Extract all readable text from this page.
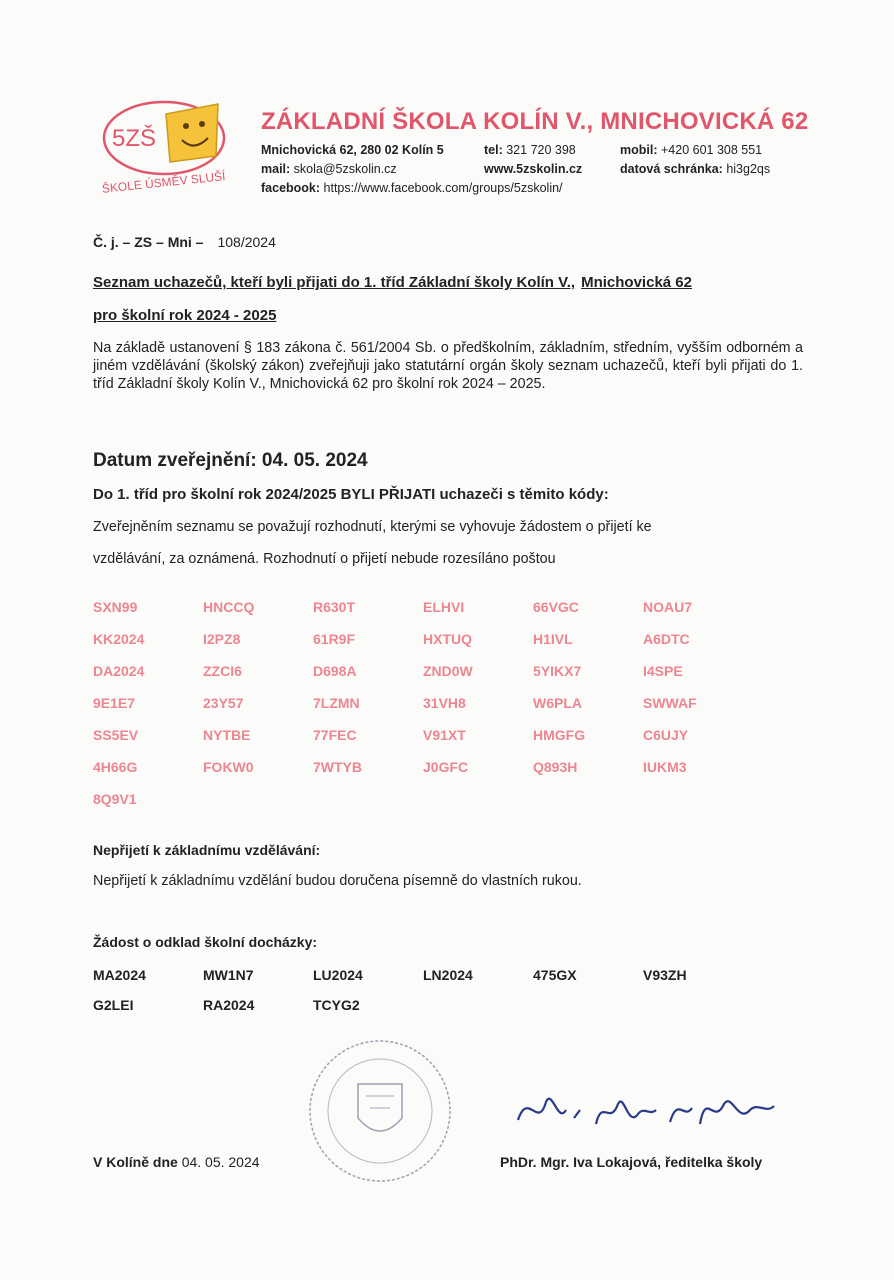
5ZŠ
ŠKOLE ÚSMĚV SLUŠÍ
ZÁKLADNÍ ŠKOLA KOLÍN V., MNICHOVICKÁ 62
Mnichovická 62, 280 02 Kolín 5	tel: 321 720 398	mobil: +420 601 308 551
mail: skola@5zskolin.cz	www.5zskolin.cz	datová schránka: hi3g2qs
facebook: https://www.facebook.com/groups/5zskolin/
Č. j. – ZS – Mni – 108/2024
Seznam uchazečů, kteří byli přijati do 1. tříd Základní školy Kolín V., Mnichovická 62
pro školní rok 2024 - 2025
Na základě ustanovení § 183 zákona č. 561/2004 Sb. o předškolním, základním, středním, vyšším odborném a jiném vzdělávání (školský zákon) zveřejňuji jako statutární orgán školy seznam uchazečů, kteří byli přijati do 1. tříd Základní školy Kolín V., Mnichovická 62 pro školní rok 2024 – 2025.
Datum zveřejnění: 04. 05. 2024
Do 1. tříd pro školní rok 2024/2025 BYLI PŘIJATI uchazeči s těmito kódy:
Zveřejněním seznamu se považují rozhodnutí, kterými se vyhovuje žádostem o přijetí ke
vzdělávání, za oznámená. Rozhodnutí o přijetí nebude rozesíláno poštou
SXN99	HNCCQ	R630T	ELHVI	66VGC	NOAU7
KK2024	I2PZ8	61R9F	HXTUQ	H1IVL	A6DTC
DA2024	ZZCI6	D698A	ZND0W	5YIKX7	I4SPE
9E1E7	23Y57	7LZMN	31VH8	W6PLA	SWWAF
SS5EV	NYTBE	77FEC	V91XT	HMGFG	C6UJY
4H66G	FOKW0	7WTYB	J0GFC	Q893H	IUKM3
8Q9V1
Nepřijetí k základnímu vzdělávání:
Nepřijetí k základnímu vzdělání budou doručena písemně do vlastních rukou.
Žádost o odklad školní docházky:
MA2024	MW1N7	LU2024	LN2024	475GX	V93ZH
G2LEI	RA2024	TCYG2
V Kolíně dne 04. 05. 2024	PhDr. Mgr. Iva Lokajová, ředitelka školy
